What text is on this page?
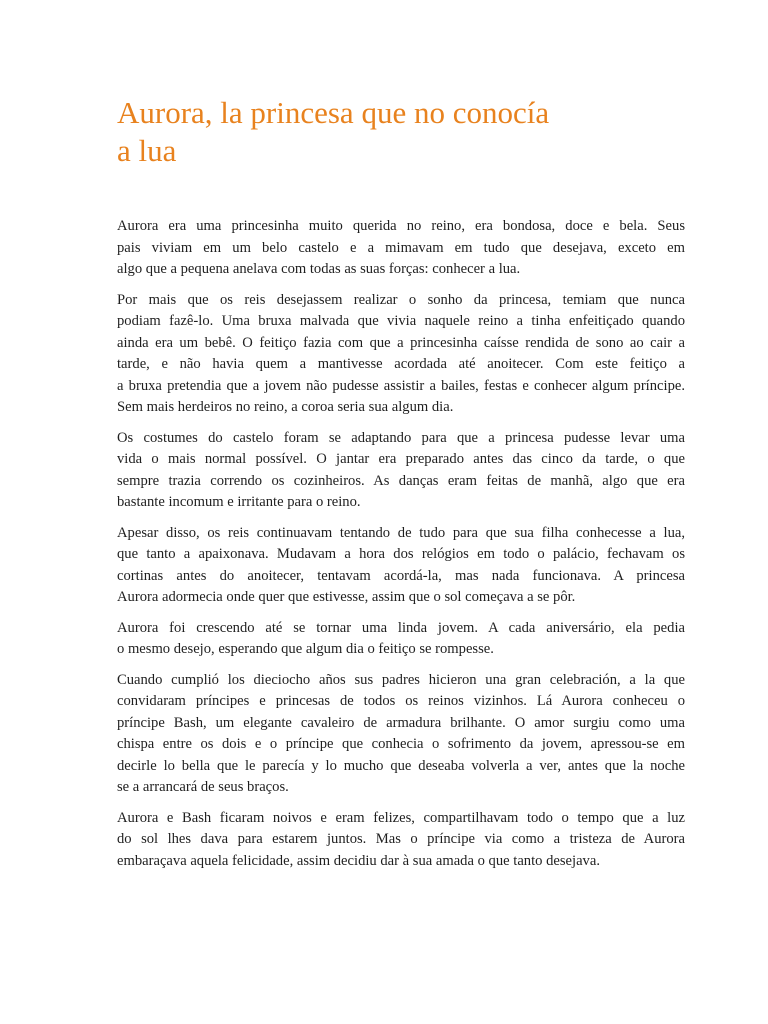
Aurora, la princesa que no conocía
a lua

Aurora era uma princesinha muito querida no reino, era bondosa, doce e bela. Seus
pais viviam em um belo castelo e a mimavam em tudo que desejava, exceto em
algo que a pequena anelava com todas as suas forças: conhecer a lua.

Por mais que os reis desejassem realizar o sonho da princesa, temiam que nunca
podiam fazê-lo. Uma bruxa malvada que vivia naquele reino a tinha enfeitiçado quando
ainda era um bebê. O feitiço fazia com que a princesinha caísse rendida de sono ao cair a
tarde, e não havia quem a mantivesse acordada até anoitecer. Com este feitiço a
a bruxa pretendia que a jovem não pudesse assistir a bailes, festas e conhecer algum príncipe.
Sem mais herdeiros no reino, a coroa seria sua algum dia.

Os costumes do castelo foram se adaptando para que a princesa pudesse levar uma
vida o mais normal possível. O jantar era preparado antes das cinco da tarde, o que
sempre trazia correndo os cozinheiros. As danças eram feitas de manhã, algo que era
bastante incomum e irritante para o reino.

Apesar disso, os reis continuavam tentando de tudo para que sua filha conhecesse a lua,
que tanto a apaixonava. Mudavam a hora dos relógios em todo o palácio, fechavam os
cortinas antes do anoitecer, tentavam acordá-la, mas nada funcionava. A princesa
Aurora adormecia onde quer que estivesse, assim que o sol começava a se pôr.

Aurora foi crescendo até se tornar uma linda jovem. A cada aniversário, ela pedia
o mesmo desejo, esperando que algum dia o feitiço se rompesse.

Cuando cumplió los dieciocho años sus padres hicieron una gran celebración, a la que
convidaram príncipes e princesas de todos os reinos vizinhos. Lá Aurora conheceu o
príncipe Bash, um elegante cavaleiro de armadura brilhante. O amor surgiu como uma
chispa entre os dois e o príncipe que conhecia o sofrimento da jovem, apressou-se em
decirle lo bella que le parecía y lo mucho que deseaba volverla a ver, antes que la noche
se a arrancará de seus braços.

Aurora e Bash ficaram noivos e eram felizes, compartilhavam todo o tempo que a luz
do sol lhes dava para estarem juntos. Mas o príncipe via como a tristeza de Aurora
embaraçava aquela felicidade, assim decidiu dar à sua amada o que tanto desejava.
